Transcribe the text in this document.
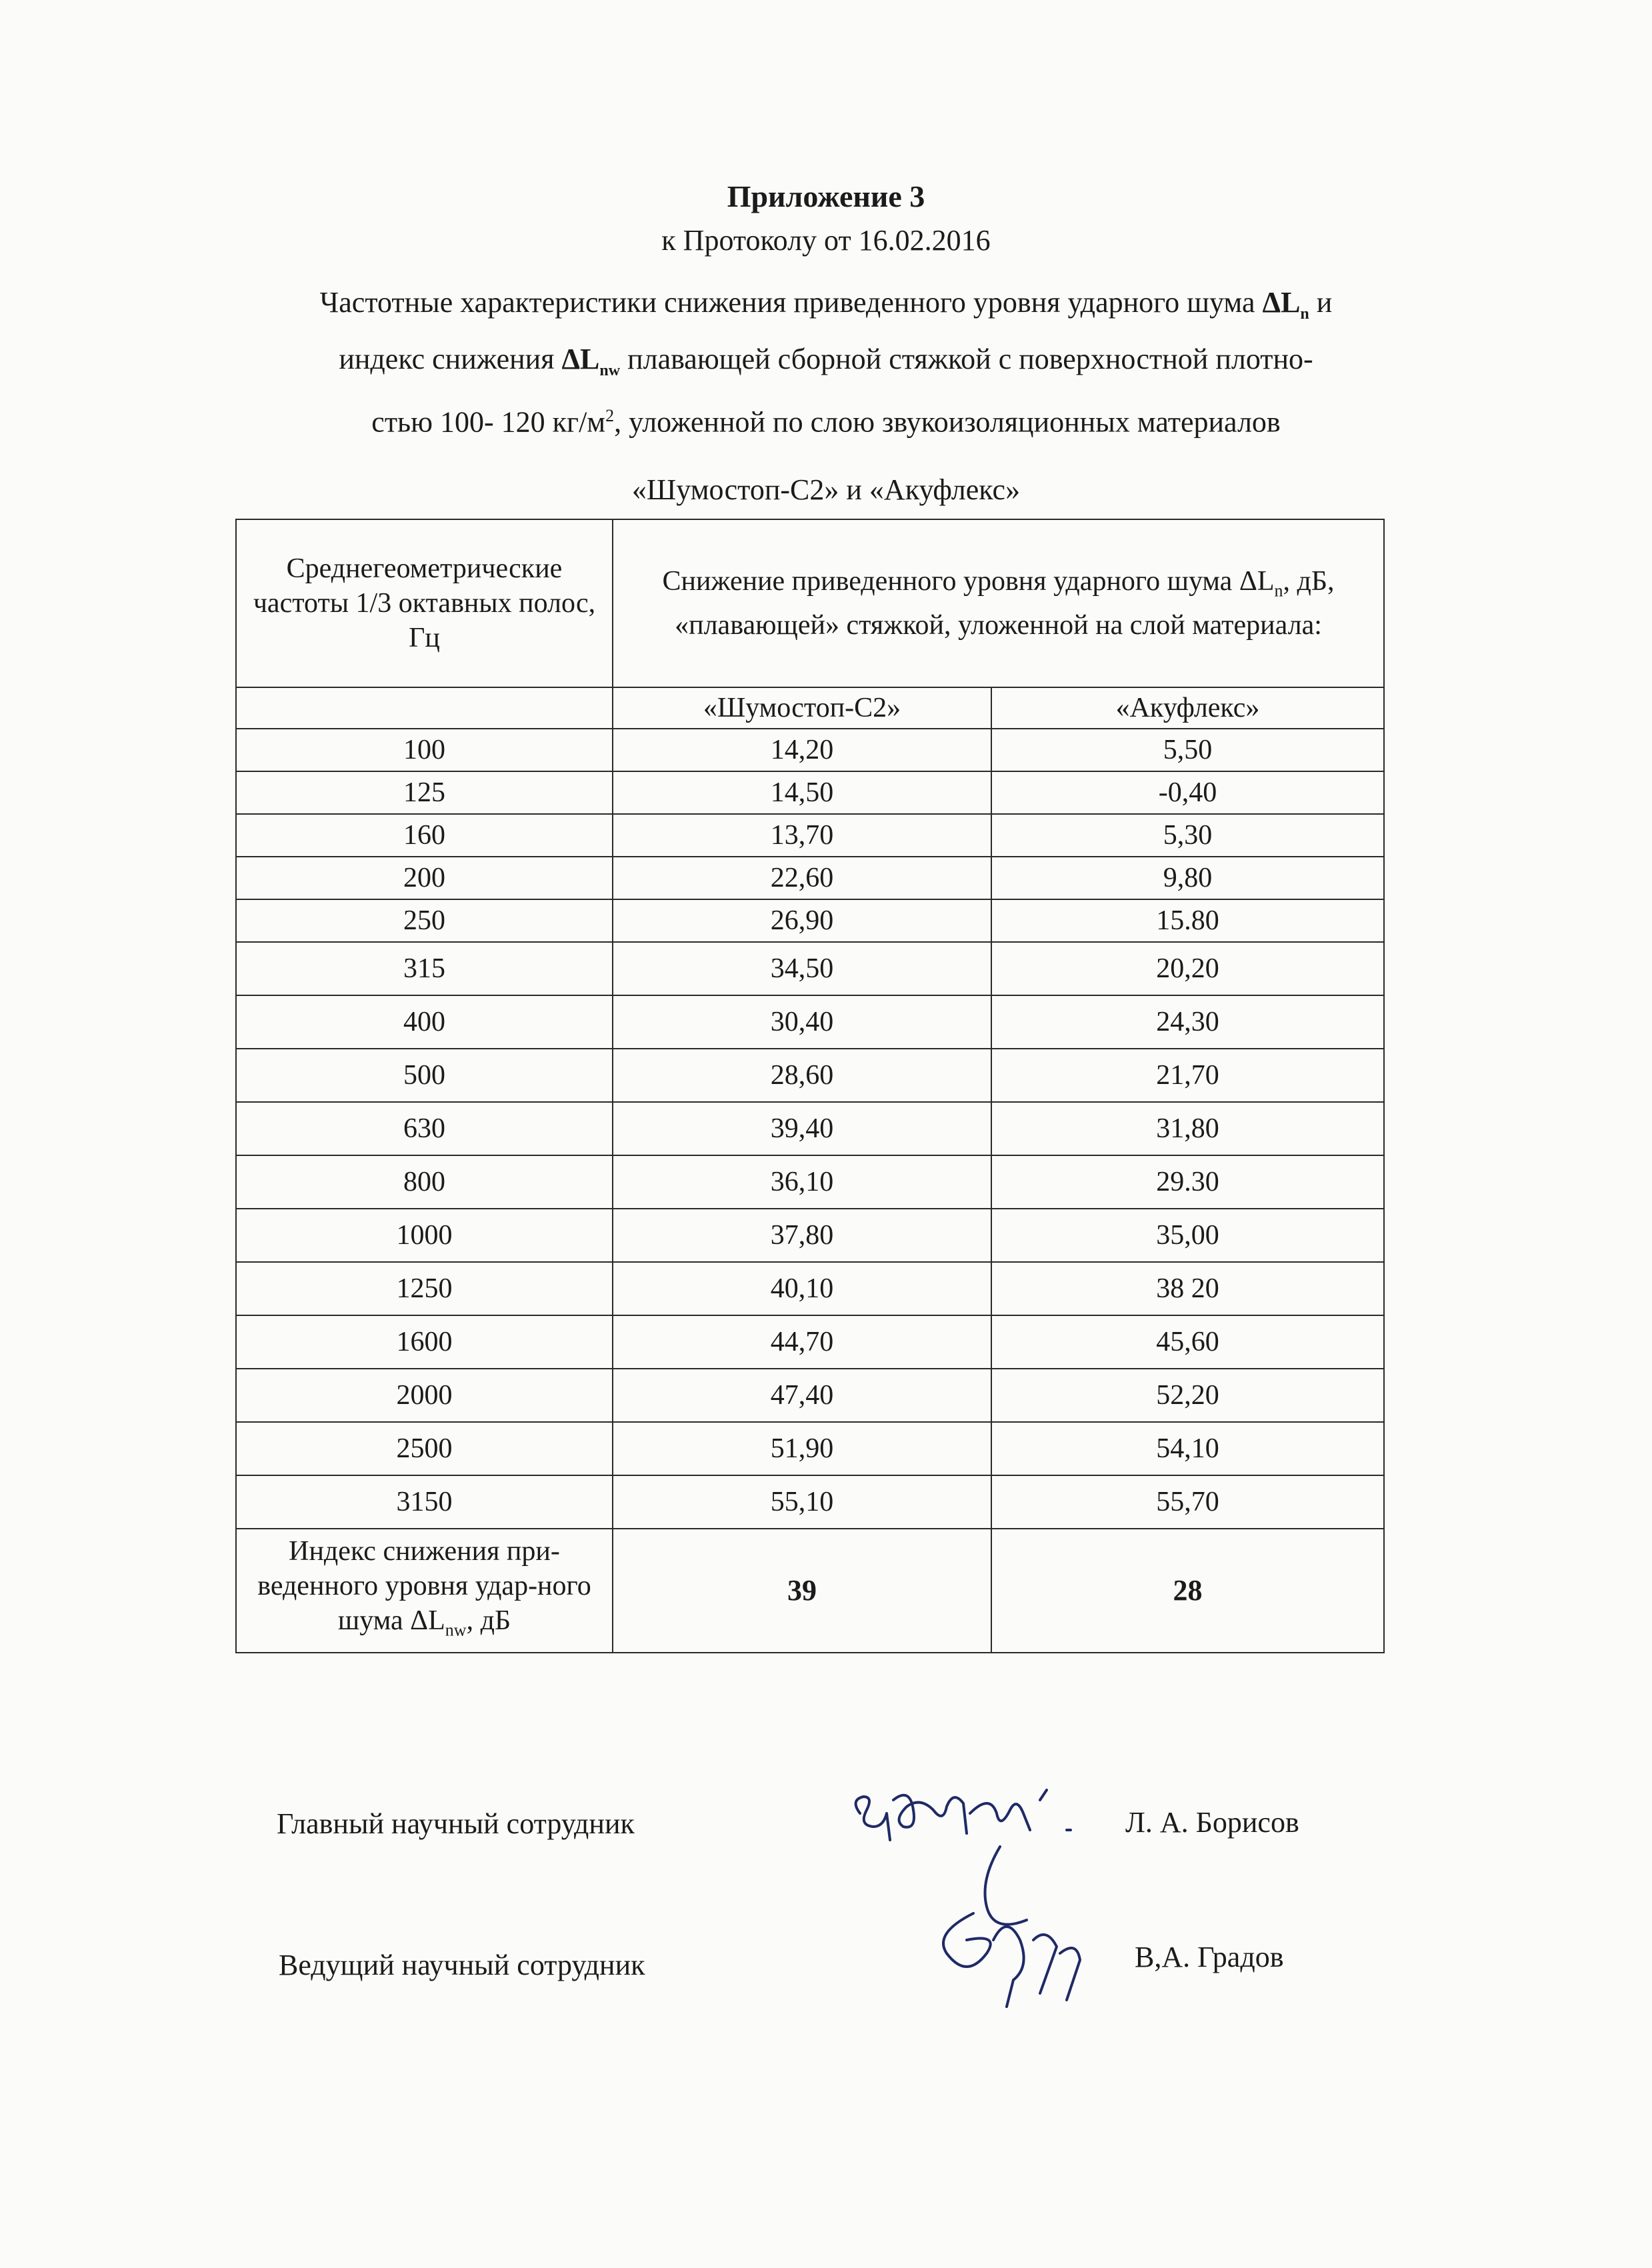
Приложение 3
к Протоколу от 16.02.2016
Частотные характеристики снижения приведенного уровня ударного шума $\Delta L_n$ и
индекс снижения $\Delta L_{nw}$ плавающей сборной стяжкой с поверхностной плотно-
стью 100- 120 $кг/м^2$, уложенной по слою звукоизоляционных материалов
«Шумостоп-С2» и «Акуфлекс»
Среднегеометрические частоты 1/3 октавных полос, Гц	Снижение приведенного уровня ударного шума $\Delta L_n$, дБ, «плавающей» стяжкой, уложенной на слой материала:	
	«Шумостоп-С2»	«Акуфлекс»
100	14,20	5,50
125	14,50	-0,40
160	13,70	5,30
200	22,60	9,80
250	26,90	15.80
315	34,50	20,20
400	30,40	24,30
500	28,60	21,70
630	39,40	31,80
800	36,10	29.30
1000	37,80	35,00
1250	40,10	38 20
1600	44,70	45,60
2000	47,40	52,20
2500	51,90	54,10
3150	55,10	55,70
Индекс снижения при-веденного уровня удар-ного шума $\Delta L_{nw}$, дБ	39	28
Главный научный сотрудник	Л. А. Борисов
Ведущий научный сотрудник	В,А. Градов
